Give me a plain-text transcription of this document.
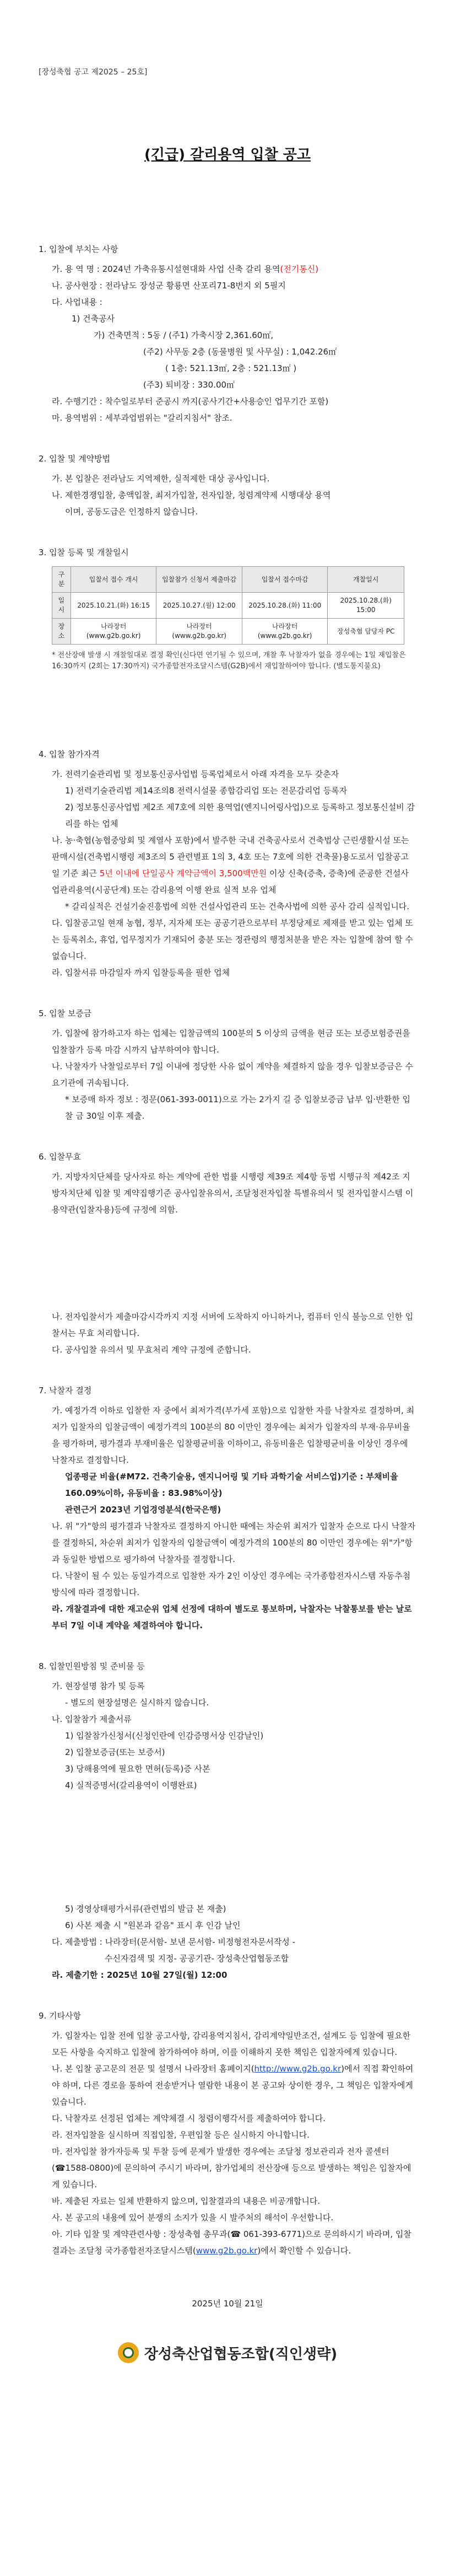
[장성축협 공고 제2025 – 25호]
(긴급) 갈리용역 입찰 공고
1. 입찰에 부치는 사항
가. 용 역 명 : 2024년 가축유통시설현대화 사업 신축 갈리 용역(전기통신)
나. 공사현장 : 전라남도 장성군 황룡면 산포리71-8번지 외 5필지
다. 사업내용 :
1) 건축공사
가) 건축면적 : 5동 / (주1) 가축시장 2,361.60㎡,
(주2) 사무동 2층 (동물병원 및 사무실) : 1,042.26㎡
( 1층: 521.13㎡, 2층 : 521.13㎡ )
(주3) 퇴비장 : 330.00㎡
라. 수행기간 : 착수일로부터 준공시 까지(공사기간+사용승인 업무기간 포함)
마. 용역범위 : 세부과업범위는 "갈리지침서" 참조.
2. 입찰 및 계약방법
가. 본 입찰은 전라남도 지역제한, 실적제한 대상 공사입니다.
나. 제한경쟁입찰, 총액입찰, 최저가입찰, 전자입찰, 청렴계약제 시행대상 용역
이며, 공동도급은 인정하지 않습니다.
3. 입찰 등록 및 개찰일시
구 분	입찰서 접수 개시	입찰참가 신청서 제출마감	입찰서 접수마감	개찰일시
일 시	2025.10.21.(화) 16:15	2025.10.27.(월) 12:00	2025.10.28.(화) 11:00	2025.10.28.(화) 15:00
장 소	나라장터 (www.g2b.go.kr)	나라장터 (www.g2b.go.kr)	나라장터 (www.g2b.go.kr)	장성축협 담당자 PC
* 전산장애 발생 시 개찰일대로 결정 확인(신다면 연기될 수 있으며, 개찰 후 낙찰자가 없을 경우에는 1일 재입찰은 16:30까지 (2회는 17:30까지) 국가종합전자조달시스템(G2B)에서 재입찰하여야 합니다. (별도통지불요)
4. 입찰 참가자격
가. 전력기술관리법 및 정보통신공사업법 등록업체로서 아래 자격을 모두 갖춘자
1) 전력기술관리법 제14조의8 전력시설물 종합감리업 또는 전문감리업 등록자
2) 정보통신공사업법 제2조 제7호에 의한 용역업(엔지니어링사업)으로 등록하고 정보통신설비 감리를 하는 업체
나. 농·축협(농협중앙회 및 계열사 포함)에서 발주한 국내 건축공사로서 건축법상 근린생활시설 또는 판매시설(건축법시행령 제3조의 5 관련별표 1의 3, 4호 또는 7호에 의한 건축물)용도로서 입찰공고일 기준 최근 5년 이내에 단일공사 계약금액이 3,500백만원 이상 신축(증축, 증축)에 준공한 건설사업관리용역(시공단계) 또는 감리용역 이행 완료 실적 보유 업체
* 갈리실적은 건설기술진흥법에 의한 건설사업관리 또는 건축사법에 의한 공사 감리 실적입니다.
다. 입찰공고일 현재 농협, 정부, 지자체 또는 공공기관으로부터 부정당제로 제재를 받고 있는 업체 또는 등록취소, 휴업, 업무정지가 기재되어 충분 또는 정관령의 행정처분을 받은 자는 입찰에 참여 할 수 없습니다.
라. 입찰서류 마감일자 까지 입찰등록을 필한 업체
5. 입찰 보증금
가. 입찰에 참가하고자 하는 업체는 입찰금액의 100분의 5 이상의 금액을 현금 또는 보증보험증권을 입찰참가 등록 마감 시까지 납부하여야 합니다.
나. 낙찰자가 낙찰일로부터 7일 이내에 정당한 사유 없이 계약을 체결하지 않을 경우 입찰보증금은 수요기관에 귀속됩니다.
* 보증매 하자 정보 : 정문(061-393-0011)으로 가는 2가지 길 증 입찰보증금 납부 입·반환한 입찰 금 30일 이후 제출.
6. 입찰무효
가. 지방자치단체를 당사자로 하는 계약에 관한 법률 시행령 제39조 제4항 동법 시행규칙 제42조 지방자치단체 입찰 및 계약집행기준 공사입찰유의서, 조달청전자입찰 특별유의서 및 전자입찰시스템 이용약관(입찰자용)등에 규정에 의함.
나. 전자입찰서가 제출마감시각까지 지정 서버에 도착하지 아니하거나, 컴퓨터 인식 불능으로 인한 입찰서는 무효 처리합니다.
다. 공사입찰 유의서 및 무효처리 계약 규정에 준합니다.
7. 낙찰자 결정
가. 예정가격 이하로 입찰한 자 중에서 최저가격(부가세 포함)으로 입찰한 자를 낙찰자로 결정하며, 최저가 입찰자의 입찰금액이 예정가격의 100분의 80 이만인 경우에는 최저가 입찰자의 부재·유무비율을 평가하며, 평가결과 부재비율은 입찰평균비율 이하이고, 유동비율은 입찰평균비율 이상인 경우에 낙찰자로 결정합니다.
업종평균 비율(#M72. 건축기술용, 엔지니어링 및 기타 과학기술 서비스업)기준 : 부채비율 160.09%이하, 유동비율 : 83.98%이상)
관련근거 2023년 기업경영분석(한국은행)
나. 위 "가"항의 평가결과 낙찰자로 결정하지 아니한 때에는 차순위 최저가 입찰자 순으로 다시 낙찰자를 결정하되, 차순위 최저가 입찰자의 입찰금액이 예정가격의 100분의 80 이만인 경우에는 위"가"항과 동일한 방법으로 평가하여 낙찰자를 결정합니다.
다. 낙찰이 될 수 있는 동일가격으로 입찰한 자가 2인 이상인 경우에는 국가종합전자시스템 자동추첨방식에 따라 결정합니다.
라. 개찰결과에 대한 재고순위 업체 선정에 대하여 별도로 통보하며, 낙찰자는 낙찰통보를 받는 날로부터 7일 이내 계약을 체결하여야 합니다.
8. 입찰민원방침 및 준비물 등
가. 현장설명 참가 및 등록
- 별도의 현장설명은 실시하지 않습니다.
나. 입찰참가 제출서류
1) 입찰참가신청서(신청인란에 인감증명서상 인감날인)
2) 입찰보증금(또는 보증서)
3) 당해용역에 필요한 면허(등록)증 사본
4) 실적증명서(갈리용역이 이행완료)
5) 경영상태평가서류(관련법의 발급 본 재출)
6) 사본 제출 시 "원본과 같음" 표시 후 인감 날인
다. 제출방법 : 나라장터(문서함- 보낸 문서함- 비정형전자문서작성 -
수신자검색 및 지정- 공공기관- 장성축산업협동조합
라. 제출기한 : 2025년 10월 27일(월) 12:00
9. 기타사항
가. 입찰자는 입찰 전에 입찰 공고사항, 감리용역지침서, 감리계약일반조건, 설계도 등 입찰에 필요한 모든 사항을 숙지하고 입찰에 참가하여야 하며, 이를 이해하지 못한 책임은 입찰자에게 있습니다.
나. 본 입찰 공고문의 전문 및 설명서 나라장터 홈페이지(http://www.g2b.go.kr)에서 직접 확인하여야 하며, 다른 경로을 통하여 전송받거나 열람한 내용이 본 공고와 상이한 경우, 그 책임은 입찰자에게 있습니다.
다. 낙찰자로 선정된 업체는 계약체결 시 청렴이행각서를 제출하여야 합니다.
라. 전자입찰을 실시하며 직접입찰, 우편입찰 등은 실시하지 아니합니다.
마. 전자입찰 참가자등록 및 투찰 등에 문제가 발생한 경우에는 조달청 정보관리과 전자 콜센터(☎1588-0800)에 문의하여 주시기 바라며, 참가업체의 전산장애 등으로 발생하는 책임은 입찰자에게 있습니다.
바. 제출된 자료는 일체 반환하지 않으며, 입찰결과의 내용은 비공개합니다.
사. 본 공고의 내용에 있어 분쟁의 소지가 있을 시 발주처의 해석이 우선합니다.
아. 기타 입찰 및 계약관련사항 : 장성축협 총무과(☎ 061-393-6771)으로 문의하시기 바라며, 입찰결과는 조달청 국가종합전자조달시스템(www.g2b.go.kr)에서 확인할 수 있습니다.
2025년 10월 21일
장성축산업협동조합(직인생략)
